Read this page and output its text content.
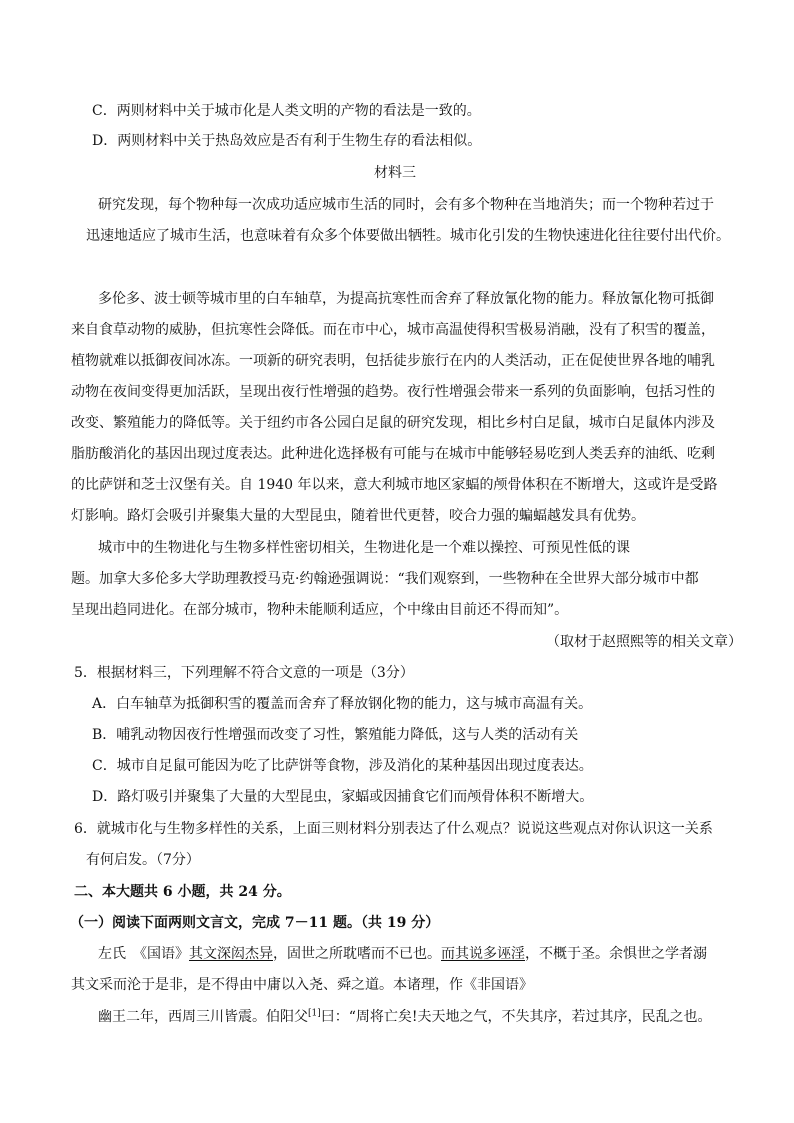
C．两则材料中关于城市化是人类文明的产物的看法是一致的。
D．两则材料中关于热岛效应是否有利于生物生存的看法相似。
材料三
研究发现，每个物种每一次成功适应城市生活的同时，会有多个物种在当地消失；而一个物种若过于
迅速地适应了城市生活，也意味着有众多个体要做出牺牲。城市化引发的生物快速进化往往要付出代价。
多伦多、波士顿等城市里的白车轴草，为提高抗寒性而舍弃了释放氰化物的能力。释放氰化物可抵御
来自食草动物的威胁，但抗寒性会降低。而在市中心，城市高温使得积雪极易消融，没有了积雪的覆盖，
植物就难以抵御夜间冰冻。一项新的研究表明，包括徒步旅行在内的人类活动，正在促使世界各地的哺乳
动物在夜间变得更加活跃，呈现出夜行性增强的趋势。夜行性增强会带来一系列的负面影响，包括习性的
改变、繁殖能力的降低等。关于纽约市各公园白足鼠的研究发现，相比乡村白足鼠，城市白足鼠体内涉及
脂肪酸消化的基因出现过度表达。此种进化选择极有可能与在城市中能够轻易吃到人类丢弃的油纸、吃剩
的比萨饼和芝士汉堡有关。自 1940 年以来，意大利城市地区家蝠的颅骨体积在不断增大，这或许是受路
灯影响。路灯会吸引并聚集大量的大型昆虫，随着世代更替，咬合力强的蝙蝠越发具有优势。
城市中的生物进化与生物多样性密切相关，生物进化是一个难以操控、可预见性低的课
题。加拿大多伦多大学助理教授马克·约翰逊强调说：“我们观察到，一些物种在全世界大部分城市中都
呈现出趋同进化。在部分城市，物种未能顺利适应，个中缘由目前还不得而知”。
（取材于赵照熙等的相关文章）
5．根据材料三，下列理解不符合文意的一项是（3分）
A．白车轴草为抵御积雪的覆盖而舍弃了释放钢化物的能力，这与城市高温有关。
B．哺乳动物因夜行性增强而改变了习性，繁殖能力降低，这与人类的活动有关
C．城市自足鼠可能因为吃了比萨饼等食物，涉及消化的某种基因出现过度表达。
D．路灯吸引并聚集了大量的大型昆虫，家蝠或因捕食它们而颅骨体积不断增大。
6．就城市化与生物多样性的关系，上面三则材料分别表达了什么观点？说说这些观点对你认识这一关系
有何启发。（7分）
二、本大题共 6 小题，共 24 分。
（一）阅读下面两则文言文，完成 7－11 题。（共 19 分）
左氏　《国语》其文深闳杰异，固世之所耽嗜而不已也。而其说多诬淫，不概于圣。余惧世之学者溺
其文采而沦于是非，是不得由中庸以入尧、舜之道。本诸理，作《非国语》
幽王二年，西周三川皆震。伯阳父[1]曰：“周将亡矣!夫天地之气，不失其序，若过其序，民乱之也。
